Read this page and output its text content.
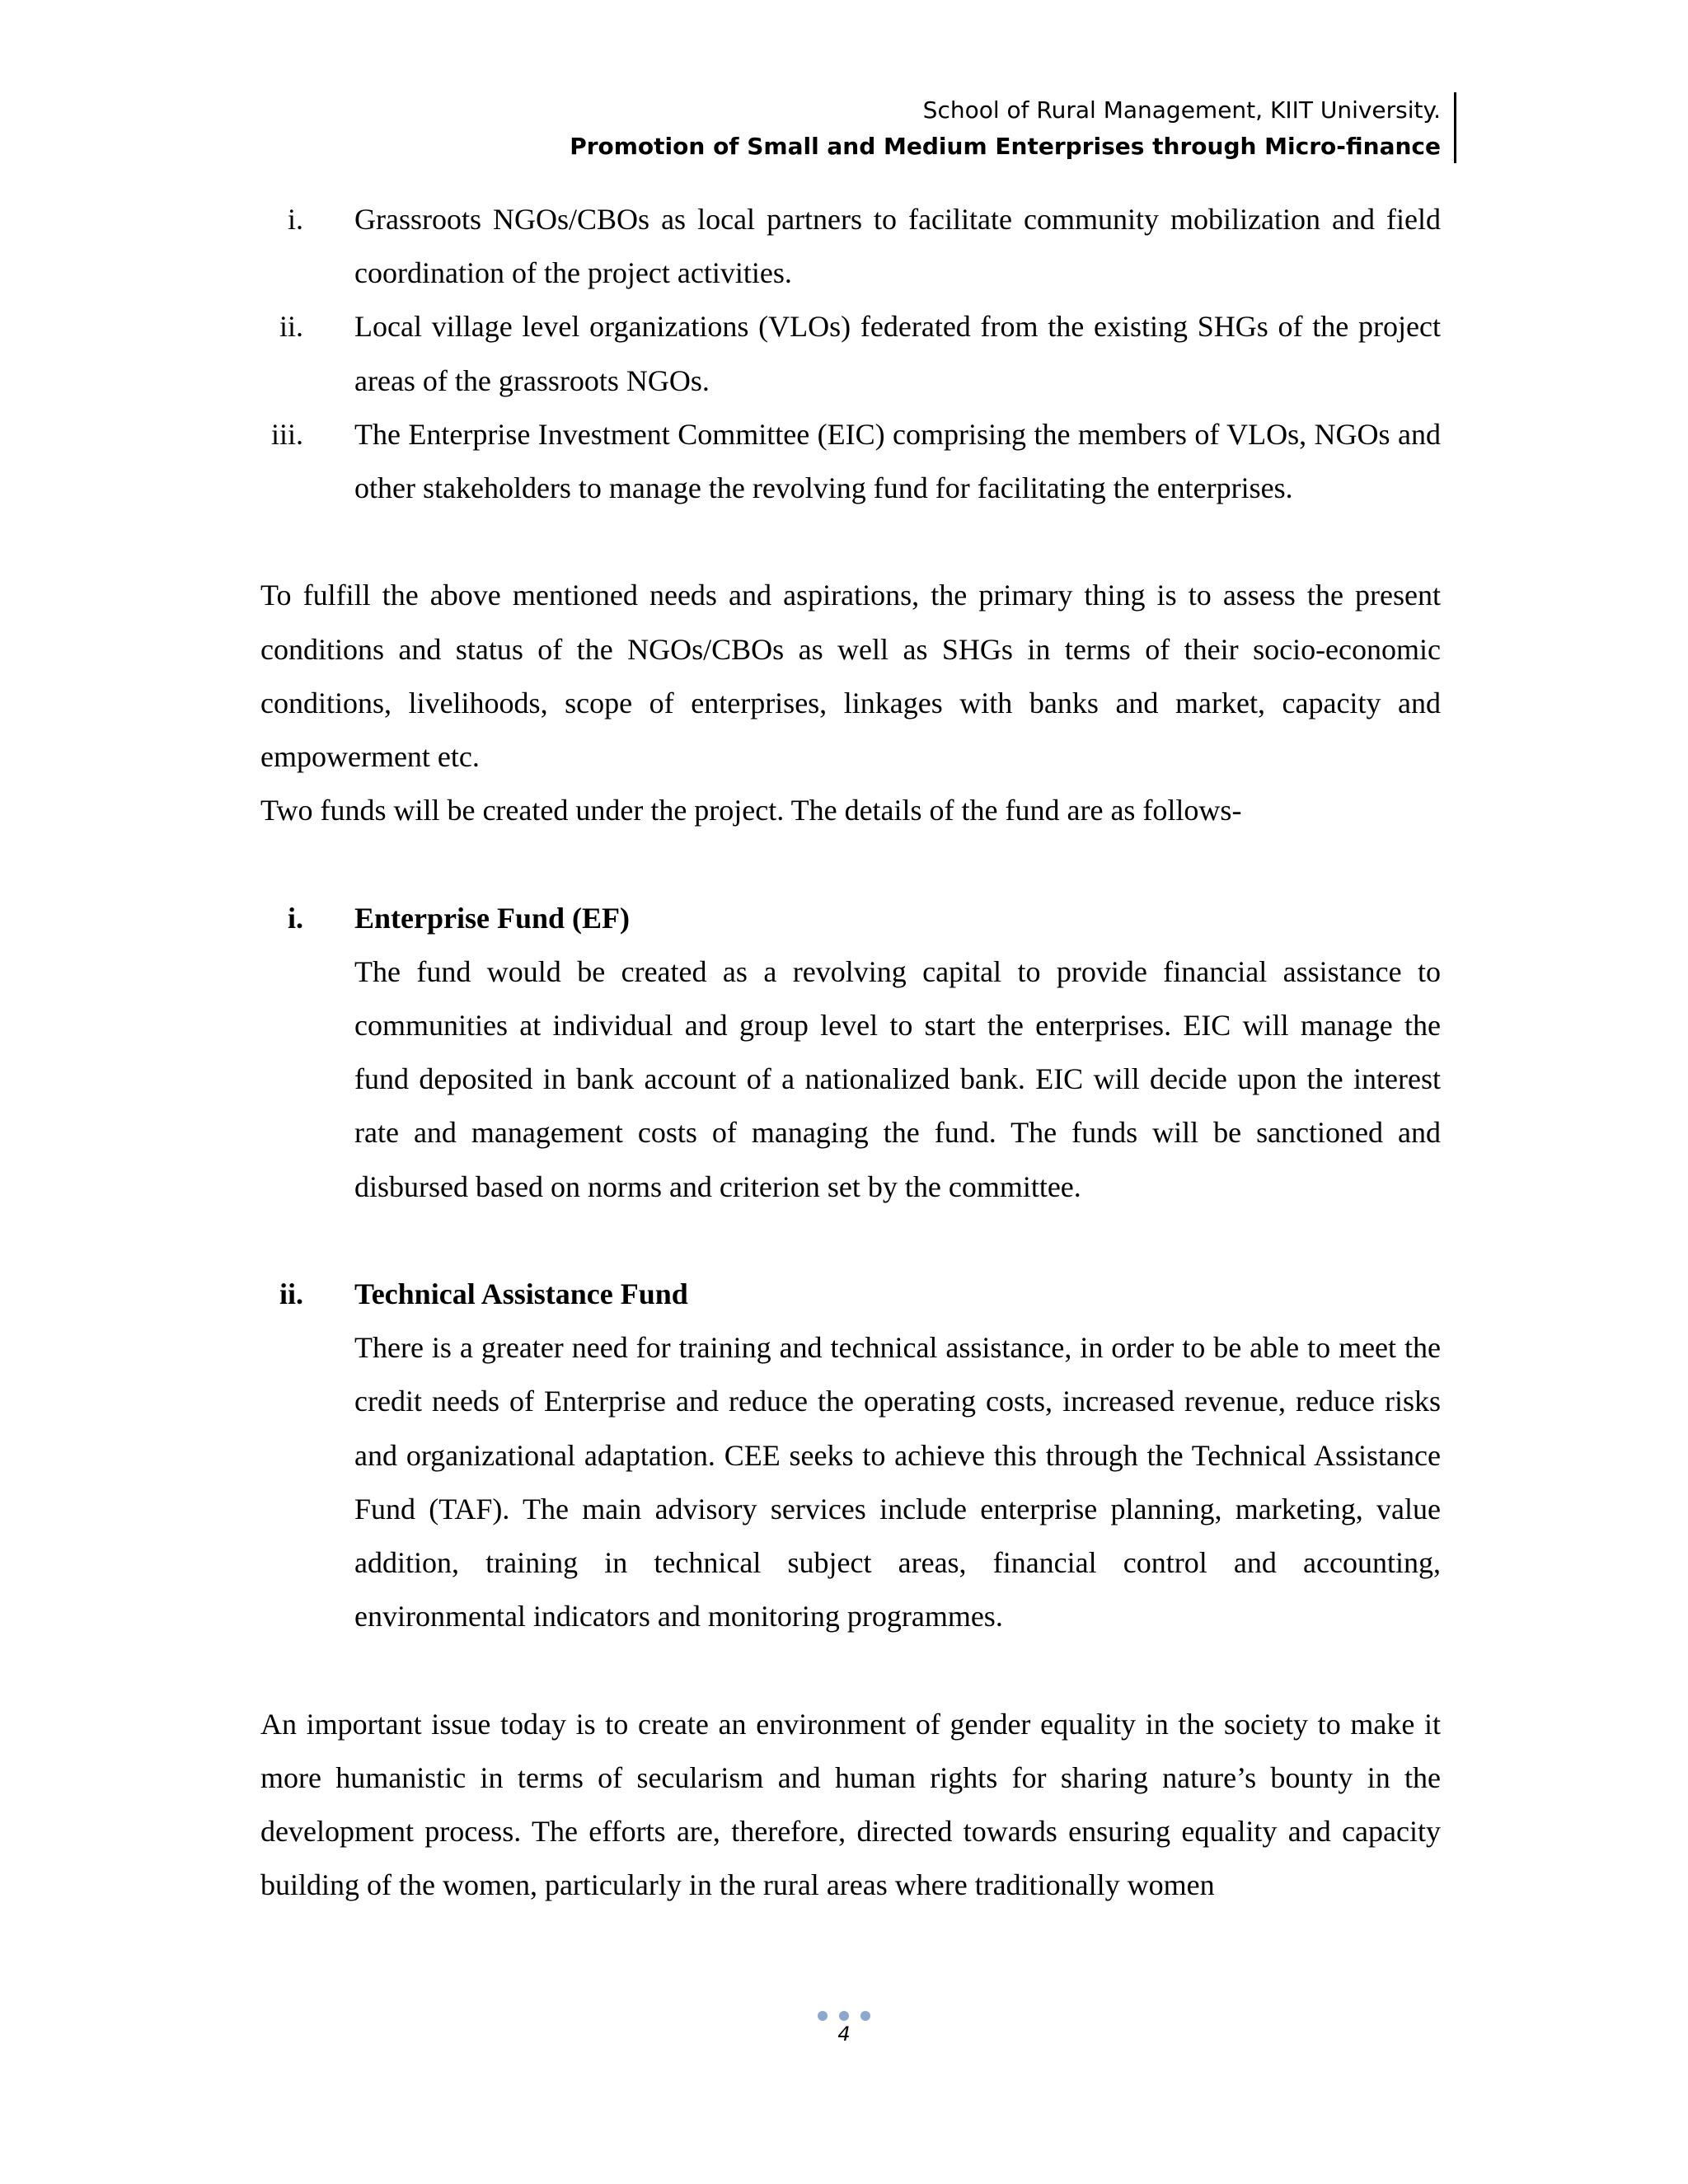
School of Rural Management, KIIT University.
Promotion of Small and Medium Enterprises through Micro-finance
i.	Grassroots NGOs/CBOs as local partners to facilitate community mobilization and field coordination of the project activities.
ii.	Local village level organizations (VLOs) federated from the existing SHGs of the project areas of the grassroots NGOs.
iii.	The Enterprise Investment Committee (EIC) comprising the members of VLOs, NGOs and other stakeholders to manage the revolving fund for facilitating the enterprises.

To fulfill the above mentioned needs and aspirations, the primary thing is to assess the present conditions and status of the NGOs/CBOs as well as SHGs in terms of their socio-economic conditions, livelihoods, scope of enterprises, linkages with banks and market, capacity and empowerment etc.

Two funds will be created under the project. The details of the fund are as follows-

i.	Enterprise Fund (EF)
The fund would be created as a revolving capital to provide financial assistance to communities at individual and group level to start the enterprises. EIC will manage the fund deposited in bank account of a nationalized bank. EIC will decide upon the interest rate and management costs of managing the fund. The funds will be sanctioned and disbursed based on norms and criterion set by the committee.
ii.	Technical Assistance Fund
There is a greater need for training and technical assistance, in order to be able to meet the credit needs of Enterprise and reduce the operating costs, increased revenue, reduce risks and organizational adaptation. CEE seeks to achieve this through the Technical Assistance Fund (TAF). The main advisory services include enterprise planning, marketing, value addition, training in technical subject areas, financial control and accounting, environmental indicators and monitoring programmes.

An important issue today is to create an environment of gender equality in the society to make it more humanistic in terms of secularism and human rights for sharing nature’s bounty in the development process. The efforts are, therefore, directed towards ensuring equality and capacity building of the women, particularly in the rural areas where traditionally women

4
